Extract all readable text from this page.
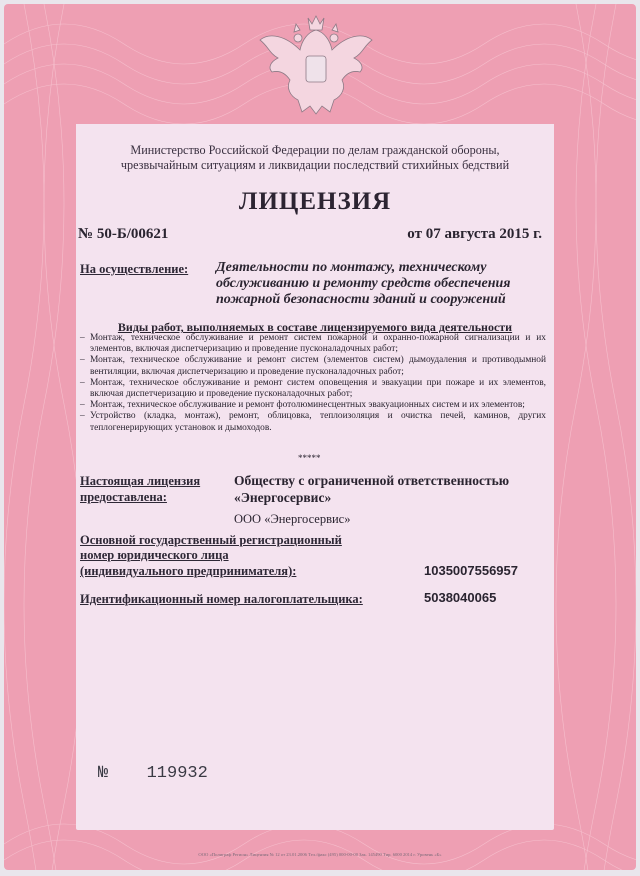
Министерство Российской Федерации по делам гражданской обороны,
чрезвычайным ситуациям и ликвидации последствий стихийных бедствий
ЛИЦЕНЗИЯ
№ 50-Б/00621	от 07 августа 2015 г.
На осуществление: Деятельности по монтажу, техническому
обслуживанию и ремонту средств обеспечения
пожарной безопасности зданий и сооружений
Виды работ, выполняемых в составе лицензируемого вида деятельности
– Монтаж, техническое обслуживание и ремонт систем пожарной и охранно-пожарной сигнализации и их элементов, включая диспетчеризацию и проведение пусконаладочных работ;
– Монтаж, техническое обслуживание и ремонт систем (элементов систем) дымоудаления и противодымной вентиляции, включая диспетчеризацию и проведение пусконаладочных работ;
– Монтаж, техническое обслуживание и ремонт систем оповещения и эвакуации при пожаре и их элементов, включая диспетчеризацию и проведение пусконаладочных работ;
– Монтаж, техническое обслуживание и ремонт фотолюминесцентных эвакуационных систем и их элементов;
– Устройство (кладка, монтаж), ремонт, облицовка, теплоизоляция и очистка печей, каминов, других теплогенерирующих установок и дымоходов.
*****
Настоящая лицензия
предоставлена:
Обществу с ограниченной ответственностью
«Энергосервис»
ООО «Энергосервис»
Основной государственный регистрационный
номер юридического лица
(индивидуального предпринимателя):	1035007556957
Идентификационный номер налогоплательщика:	5038040065
№ 119932
ООО «Полиграф Регион» Лицензия № 12 от 23.01.2006 Тел./факс (495) 000-00-00 Зак. 145490 Тир. 6000 2014 г. Уровень «Б»
